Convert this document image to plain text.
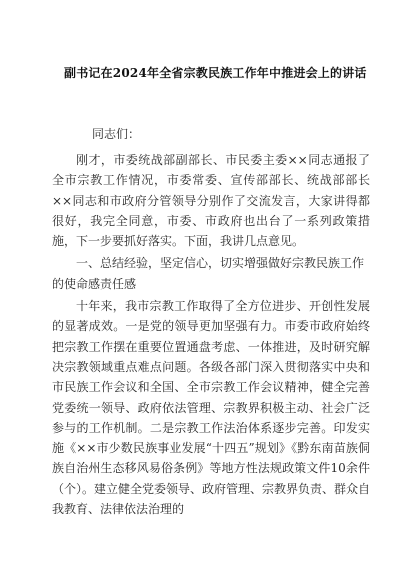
副书记在2024年全省宗教民族工作年中推进会上的讲话
同志们：

刚才，市委统战部副部长、市民委主委××同志通报了全市宗教工作情况，市委常委、宣传部部长、统战部部长××同志和市政府分管领导分别作了交流发言，大家讲得都很好，我完全同意，市委、市政府也出台了一系列政策措施，下一步要抓好落实。下面，我讲几点意见。

一、总结经验，坚定信心，切实增强做好宗教民族工作的使命感责任感

十年来，我市宗教工作取得了全方位进步、开创性发展的显著成效。一是党的领导更加坚强有力。市委市政府始终把宗教工作摆在重要位置通盘考虑、一体推进，及时研究解决宗教领域重点难点问题。各级各部门深入贯彻落实中央和市民族工作会议和全国、全市宗教工作会议精神，健全完善党委统一领导、政府依法管理、宗教界积极主动、社会广泛参与的工作机制。二是宗教工作法治体系逐步完善。印发实施《××市少数民族事业发展“十四五”规划》《黔东南苗族侗族自治州生态移风易俗条例》等地方性法规政策文件10余件（个）。建立健全党委领导、政府管理、宗教界负责、群众自我教育、法律依法治理的
